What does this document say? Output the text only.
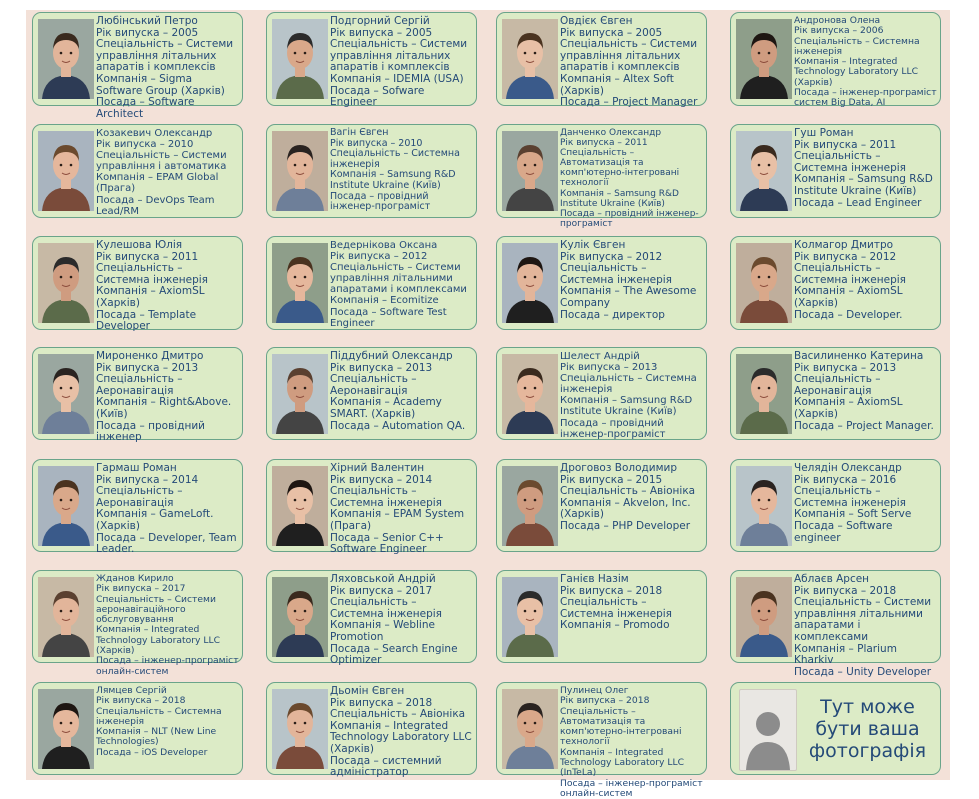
Любінський Петро
Рік випуска – 2005
Спеціальність – Системи управління літальних апаратів і комплексів
Компанія – Sigma Software Group (Харків)
Посада – Software Architect
Подгорний Сергій
Рік випуска – 2005
Спеціальність – Системи управління літальних апаратів і комплексів
Компанія – IDEMIA (USA)
Посада – Sofware Engineer
Овдієк Євген
Рік випуска – 2005
Спеціальність – Системи управління літальних апаратів і комплексів
Компанія – Altex Soft (Харків)
Посада – Project Manager
Андронова Олена
Рік випуска – 2006
Спеціальність – Системна інженерія
Компанія – Integrated Technology Laboratory LLC (Харків)
Посада – інженер-програміст систем Big Data, AI
Козакевич Олександр
Рік випуска – 2010
Спеціальність – Системи управління і автоматика
Компанія – EPAM Global (Прага)
Посада – DevOps Team Lead/RM
Вагін Євген
Рік випуска – 2010
Спеціальність – Системна інженерія
Компанія – Samsung R&D Institute Ukraine (Київ)
Посада – провідний інженер-програміст
Данченко Олександр
Рік випуска – 2011
Спеціальність – Автоматизація та комп'ютерно-інтегровані технології
Компанія – Samsung R&D Institute Ukraine (Київ)
Посада – провідний інженер-програміст
Гуш Роман
Рік випуска – 2011
Спеціальність – Системна інженерія
Компанія – Samsung R&D Institute Ukraine (Київ)
Посада – Lead Engineer
Кулешова Юлія
Рік випуска – 2011
Спеціальність – Системна інженерія
Компанія – AxiomSL (Харків)
Посада – Template Developer
Ведернікова Оксана
Рік випуска – 2012
Спеціальність – Системи управління літальними апаратами і комплексами
Компанія – Ecomitize
Посада – Software Test Engineer
Кулік Євген
Рік випуска – 2012
Спеціальність – Системна інженерія
Компанія – The Awesome Company
Посада – директор
Колмагор Дмитро
Рік випуска – 2012
Спеціальність – Системна інженерія
Компанія – AxiomSL (Харків)
Посада – Developer.
Мироненко Дмитро
Рік випуска – 2013
Спеціальність – Аеронавігація
Компанія – Right&Above. (Київ)
Посада – провідний інженер
Піддубний Олександр
Рік випуска – 2013
Спеціальність – Аеронавігація
Компанія – Academy SMART. (Харків)
Посада – Automation QA.
Шелест Андрій
Рік випуска – 2013
Спеціальність – Системна інженерія
Компанія – Samsung R&D Institute Ukraine (Київ)
Посада – провідний інженер-програміст
Василиненко Катерина
Рік випуска – 2013
Спеціальність – Аеронавігація
Компанія – AxiomSL (Харків)
Посада – Project Manager.
Гармаш Роман
Рік випуска – 2014
Спеціальність – Аеронавігація
Компанія – GameLoft. (Харків)
Посада – Developer, Team Leader.
Хірний Валентин
Рік випуска – 2014
Спеціальність – Системна інженерія
Компанія – EPAM System (Прага)
Посада – Senior C++ Software Engineer
Дроговоз Володимир
Рік випуска – 2015
Спеціальність – Авіоніка
Компанія – Akvelon, Inc. (Харків)
Посада – PHP Developer
Челядін Олександр
Рік випуска – 2016
Спеціальність – Системна інженерія
Компанія – Soft Serve
Посада – Software engineer
Жданов Кирило
Рік випуска – 2017
Спеціальність – Системи аеронавігаційного обслуговування
Компанія – Integrated Technology Laboratory LLC (Харків)
Посада – інженер-програміст онлайн-систем
Ляховськой Андрій
Рік випуска – 2017
Спеціальність – Системна інженерія
Компанія – Webline Promotion
Посада – Search Engine Optimizer
Ганієв Назім
Рік випуска – 2018
Спеціальність – Системна інженерія
Компанія – Promodo
Аблаєв Арсен
Рік випуска – 2018
Спеціальність – Системи управління літальними апаратами і комплексами
Компанія – Plarium Kharkiv
Посада – Unity Developer
Лямцев Сергій
Рік випуска – 2018
Спеціальність – Системна інженерія
Компанія – NLT (New Line Technologies)
Посада – iOS Developer
Дьомін Євген
Рік випуска – 2018
Спеціальність – Авіоніка
Компанія – Integrated Technology Laboratory LLC (Харків)
Посада – системний адміністратор
Пулинец Олег
Рік випуска – 2018
Спеціальність – Автоматизація та комп'ютерно-інтегровані технології
Компанія – Integrated Technology Laboratory LLC (InTeLa)
Посада – інженер-програміст онлайн-систем
Тут може бути ваша фотографія
